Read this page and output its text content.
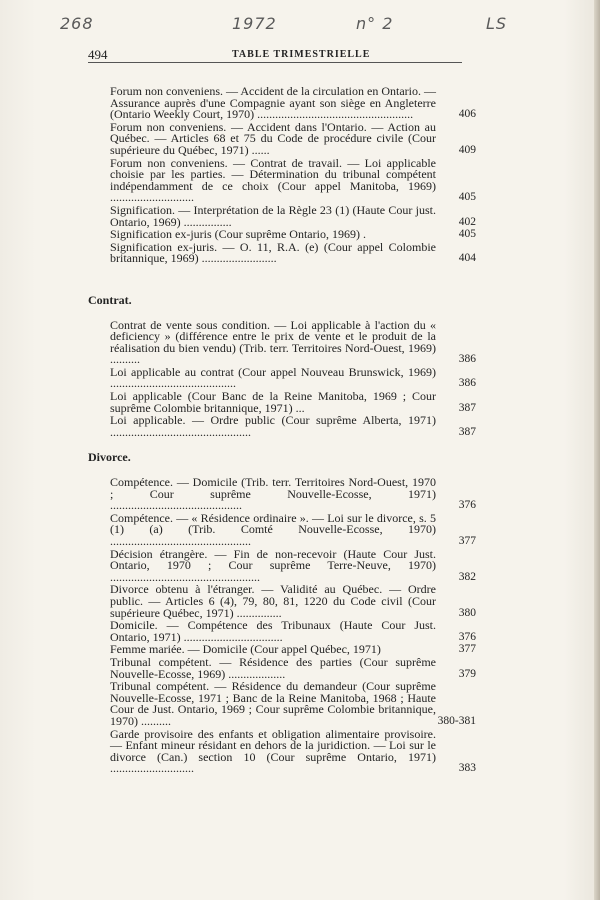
268	1972	n° 2	LS
494	TABLE TRIMESTRIELLE
Forum non conveniens. — Accident de la circulation en Ontario. — Assurance auprès d'une Compagnie ayant son siège en Angleterre (Ontario Weekly Court, 1970) ....................................................	406
Forum non conveniens. — Accident dans l'Ontario. — Action au Québec. — Articles 68 et 75 du Code de procédure civile (Cour supérieure du Québec, 1971) ......	409
Forum non conveniens. — Contrat de travail. — Loi applicable choisie par les parties. — Détermination du tribunal compétent indépendamment de ce choix (Cour appel Manitoba, 1969) ............................	405
Signification. — Interprétation de la Règle 23 (1) (Haute Cour just. Ontario, 1969) ................	402
Signification ex-juris (Cour suprême Ontario, 1969) .	405
Signification ex-juris. — O. 11, R.A. (e) (Cour appel Colombie britannique, 1969) .........................	404
Contrat.
Contrat de vente sous condition. — Loi applicable à l'action du « deficiency » (différence entre le prix de vente et le produit de la réalisation du bien vendu) (Trib. terr. Territoires Nord-Ouest, 1969) ..........	386
Loi applicable au contrat (Cour appel Nouveau Brunswick, 1969) ..........................................	386
Loi applicable (Cour Banc de la Reine Manitoba, 1969 ; Cour suprême Colombie britannique, 1971) ...	387
Loi applicable. — Ordre public (Cour suprême Alberta, 1971) ...............................................	387
Divorce.
Compétence. — Domicile (Trib. terr. Territoires Nord-Ouest, 1970 ; Cour suprême Nouvelle-Ecosse, 1971) ............................................	376
Compétence. — « Résidence ordinaire ». — Loi sur le divorce, s. 5 (1) (a) (Trib. Comté Nouvelle-Ecosse, 1970) ...............................................	377
Décision étrangère. — Fin de non-recevoir (Haute Cour Just. Ontario, 1970 ; Cour suprême Terre-Neuve, 1970) ..................................................	382
Divorce obtenu à l'étranger. — Validité au Québec. — Ordre public. — Articles 6 (4), 79, 80, 81, 1220 du Code civil (Cour supérieure Québec, 1971) ...............	380
Domicile. — Compétence des Tribunaux (Haute Cour Just. Ontario, 1971) .................................	376
Femme mariée. — Domicile (Cour appel Québec, 1971)	377
Tribunal compétent. — Résidence des parties (Cour suprême Nouvelle-Ecosse, 1969) ...................	379
Tribunal compétent. — Résidence du demandeur (Cour suprême Nouvelle-Ecosse, 1971 ; Banc de la Reine Manitoba, 1968 ; Haute Cour de Just. Ontario, 1969 ; Cour suprême Colombie britannique, 1970) ..........	380-381
Garde provisoire des enfants et obligation alimentaire provisoire. — Enfant mineur résidant en dehors de la juridiction. — Loi sur le divorce (Can.) section 10 (Cour suprême Ontario, 1971) ............................	383
